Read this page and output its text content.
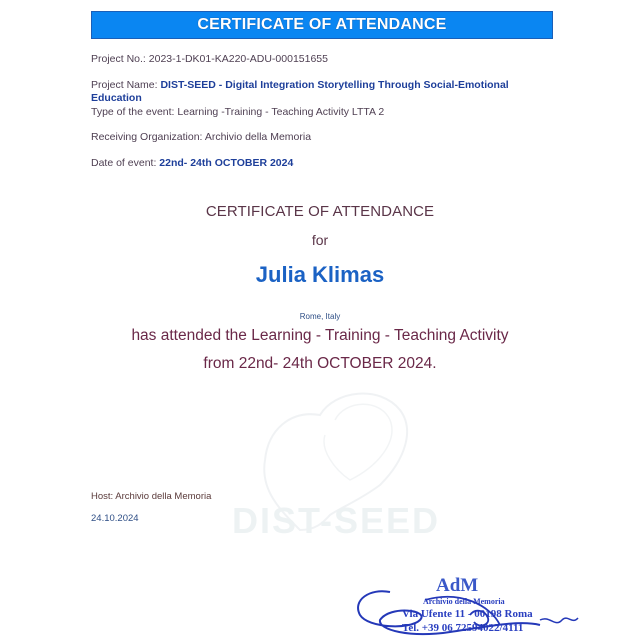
CERTIFICATE OF ATTENDANCE
Project No.: 2023-1-DK01-KA220-ADU-000151655
Project Name: DIST-SEED - Digital Integration Storytelling Through Social-Emotional
Education
Type of the event: Learning -Training - Teaching Activity LTTA 2
Receiving Organization: Archivio della Memoria
Date of event: 22nd- 24th OCTOBER 2024
DIST-SEED
CERTIFICATE OF ATTENDANCE
for
Julia Klimas
Rome, Italy
has attended the Learning - Training - Teaching Activity
from 22nd- 24th OCTOBER 2024.
Host: Archivio della Memoria
24.10.2024
AdM
Archivio della Memoria
Via Ufente 11 - 00198 Roma
Tel. +39 06 72594022/4111
